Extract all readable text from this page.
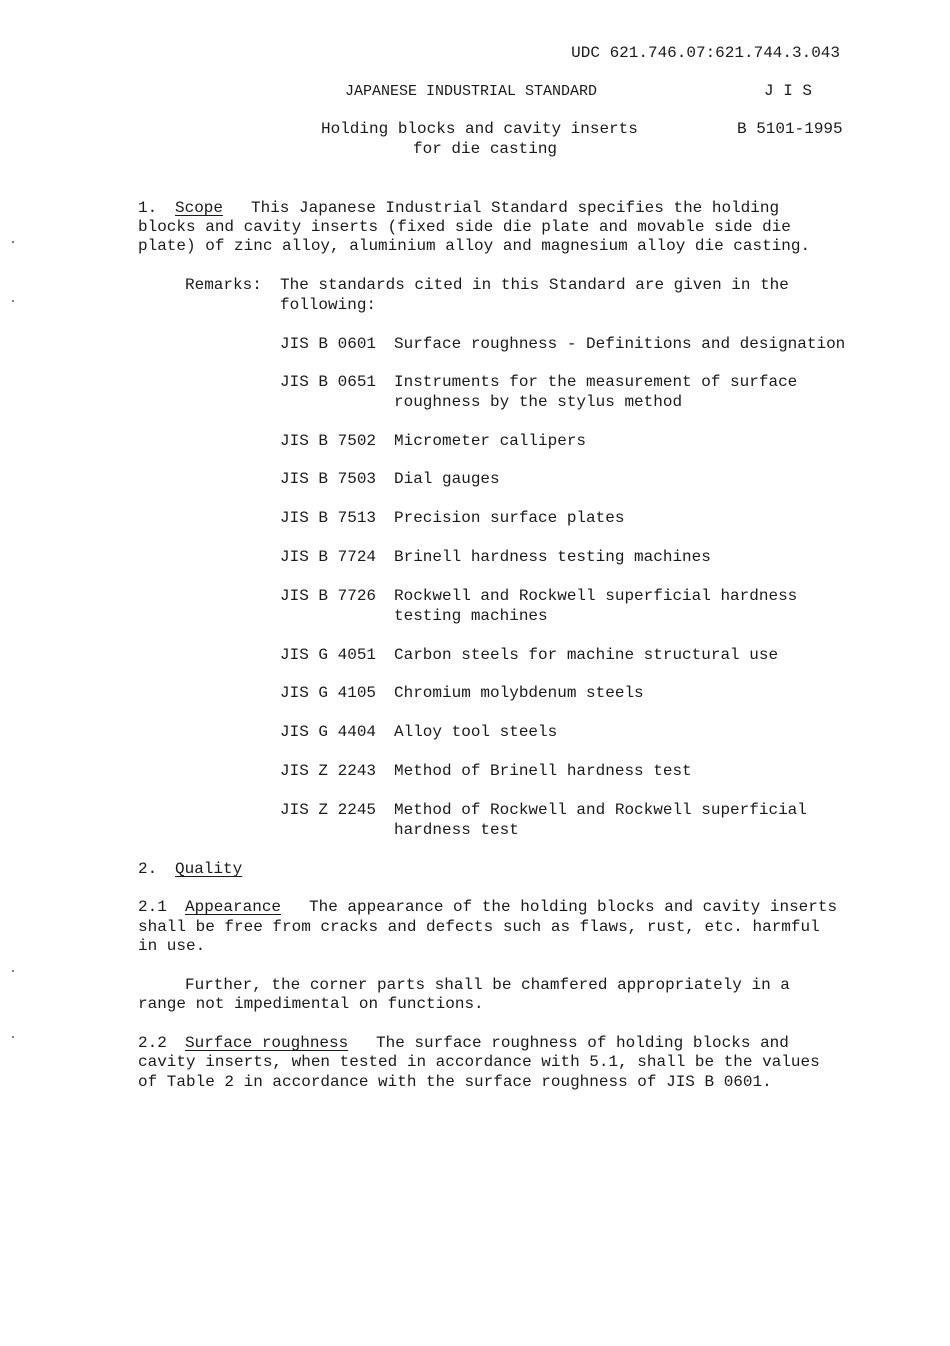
UDC 621.746.07:621.744.3.043
JAPANESE INDUSTRIAL STANDARD	J I S
Holding blocks and cavity inserts
for die casting
B 5101-1995
1. Scope This Japanese Industrial Standard specifies the holding
blocks and cavity inserts (fixed side die plate and movable side die
plate) of zinc alloy, aluminium alloy and magnesium alloy die casting.
Remarks: The standards cited in this Standard are given in the
following:
JIS B 0601 Surface roughness - Definitions and designation
JIS B 0651 Instruments for the measurement of surface
roughness by the stylus method
JIS B 7502 Micrometer callipers
JIS B 7503 Dial gauges
JIS B 7513 Precision surface plates
JIS B 7724 Brinell hardness testing machines
JIS B 7726 Rockwell and Rockwell superficial hardness
testing machines
JIS G 4051 Carbon steels for machine structural use
JIS G 4105 Chromium molybdenum steels
JIS G 4404 Alloy tool steels
JIS Z 2243 Method of Brinell hardness test
JIS Z 2245 Method of Rockwell and Rockwell superficial
hardness test
2. Quality
2.1 Appearance The appearance of the holding blocks and cavity inserts
shall be free from cracks and defects such as flaws, rust, etc. harmful
in use.
Further, the corner parts shall be chamfered appropriately in a
range not impedimental on functions.
2.2 Surface roughness The surface roughness of holding blocks and
cavity inserts, when tested in accordance with 5.1, shall be the values
of Table 2 in accordance with the surface roughness of JIS B 0601.
